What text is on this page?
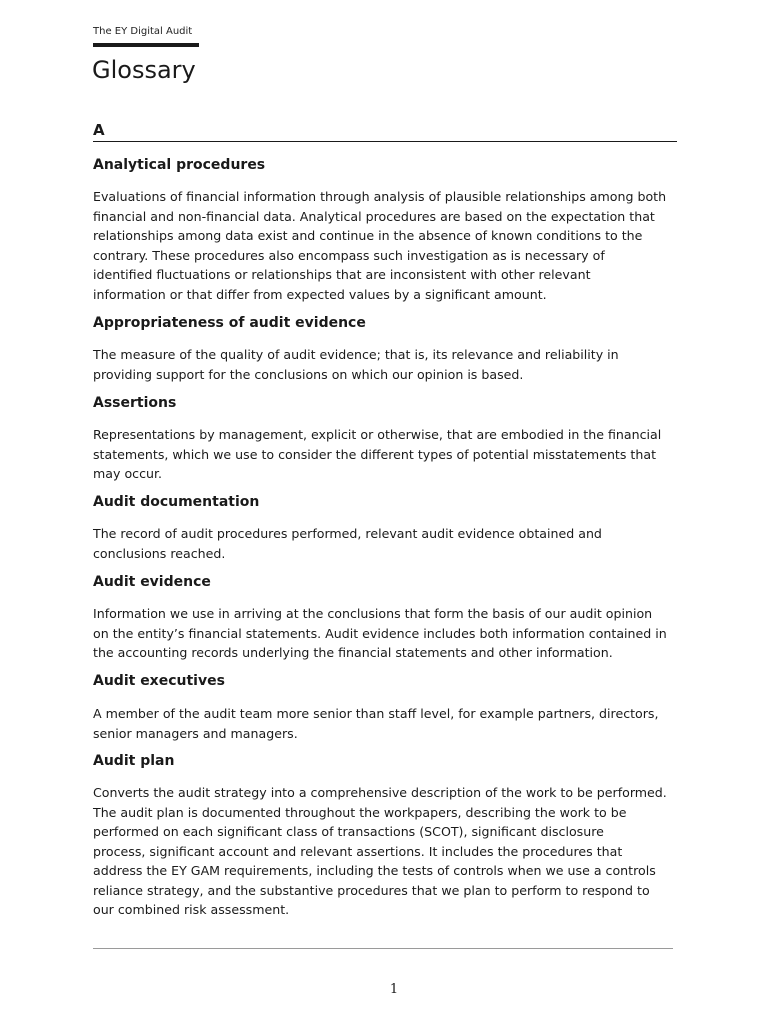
The EY Digital Audit
Glossary
A
Analytical procedures

Evaluations of financial information through analysis of plausible relationships among both
financial and non-financial data. Analytical procedures are based on the expectation that
relationships among data exist and continue in the absence of known conditions to the
contrary. These procedures also encompass such investigation as is necessary of
identified fluctuations or relationships that are inconsistent with other relevant
information or that differ from expected values by a significant amount.

Appropriateness of audit evidence

The measure of the quality of audit evidence; that is, its relevance and reliability in
providing support for the conclusions on which our opinion is based.

Assertions

Representations by management, explicit or otherwise, that are embodied in the financial
statements, which we use to consider the different types of potential misstatements that
may occur.

Audit documentation

The record of audit procedures performed, relevant audit evidence obtained and
conclusions reached.

Audit evidence

Information we use in arriving at the conclusions that form the basis of our audit opinion
on the entity’s financial statements. Audit evidence includes both information contained in
the accounting records underlying the financial statements and other information.

Audit executives

A member of the audit team more senior than staff level, for example partners, directors,
senior managers and managers.

Audit plan

Converts the audit strategy into a comprehensive description of the work to be performed.
The audit plan is documented throughout the workpapers, describing the work to be
performed on each significant class of transactions (SCOT), significant disclosure
process, significant account and relevant assertions. It includes the procedures that
address the EY GAM requirements, including the tests of controls when we use a controls
reliance strategy, and the substantive procedures that we plan to perform to respond to
our combined risk assessment.

1
